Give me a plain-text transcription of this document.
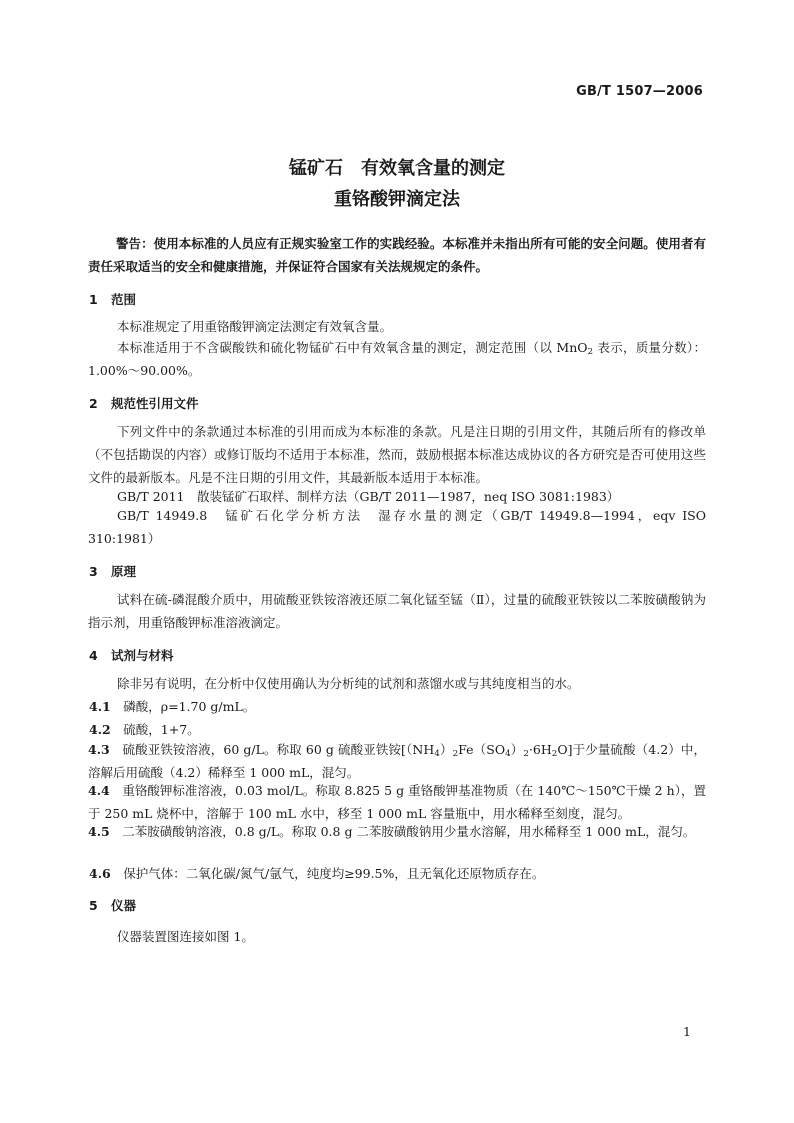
GB/T 1507—2006
锰矿石　有效氧含量的测定
重铬酸钾滴定法
警告：使用本标准的人员应有正规实验室工作的实践经验。本标准并未指出所有可能的安全问题。使用者有责任采取适当的安全和健康措施，并保证符合国家有关法规规定的条件。
1 范围
本标准规定了用重铬酸钾滴定法测定有效氧含量。
本标准适用于不含碳酸铁和硫化物锰矿石中有效氧含量的测定，测定范围（以 MnO$_2$ 表示，质量分数）：1.00%～90.00%。
2 规范性引用文件
下列文件中的条款通过本标准的引用而成为本标准的条款。凡是注日期的引用文件，其随后所有的修改单（不包括勘误的内容）或修订版均不适用于本标准，然而，鼓励根据本标准达成协议的各方研究是否可使用这些文件的最新版本。凡是不注日期的引用文件，其最新版本适用于本标准。
GB/T 2011　散装锰矿石取样、制样方法（GB/T 2011—1987，neq ISO 3081:1983）
GB/T 14949.8　锰矿石化学分析方法　湿存水量的测定（GB/T 14949.8—1994，eqv ISO 310:1981）
3 原理
试料在硫-磷混酸介质中，用硫酸亚铁铵溶液还原二氧化锰至锰（Ⅱ），过量的硫酸亚铁铵以二苯胺磺酸钠为指示剂，用重铬酸钾标准溶液滴定。
4 试剂与材料
除非另有说明，在分析中仅使用确认为分析纯的试剂和蒸馏水或与其纯度相当的水。
4.1　 磷酸，ρ=1.70 g/mL。
4.2　 硫酸，1+7。
4.3　 硫酸亚铁铵溶液，60 g/L。称取 60 g 硫酸亚铁铵$[(NH_4)_2Fe(SO_4)_2\cdot 6H_2O]$于少量硫酸（4.2）中，溶解后用硫酸（4.2）稀释至 1 000 mL，混匀。
4.4　 重铬酸钾标准溶液，0.03 mol/L。称取 8.825 5 g 重铬酸钾基准物质（在 140℃～150℃干燥 2 h），置于 250 mL 烧杯中，溶解于 100 mL 水中，移至 1 000 mL 容量瓶中，用水稀释至刻度，混匀。
4.5　 二苯胺磺酸钠溶液，0.8 g/L。称取 0.8 g 二苯胺磺酸钠用少量水溶解，用水稀释至 1 000 mL，混匀。
4.6　 保护气体：二氧化碳/氮气/氩气，纯度均≥99.5%，且无氧化还原物质存在。
5 仪器
仪器装置图连接如图 1。
1
